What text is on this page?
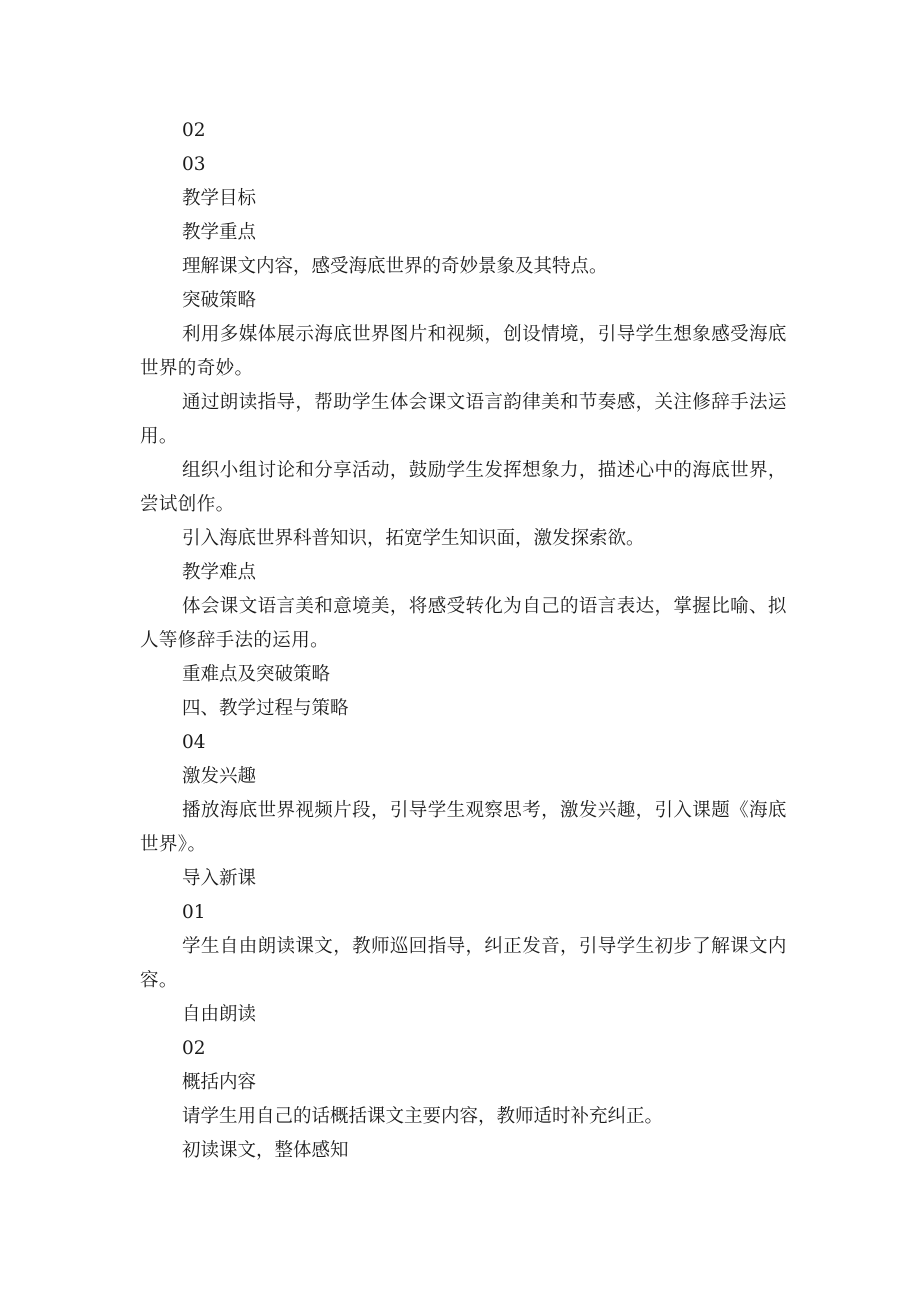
02

03

教学目标

教学重点

理解课文内容，感受海底世界的奇妙景象及其特点。

突破策略

利用多媒体展示海底世界图片和视频，创设情境，引导学生想象感受海底世界的奇妙。

通过朗读指导，帮助学生体会课文语言韵律美和节奏感，关注修辞手法运用。

组织小组讨论和分享活动，鼓励学生发挥想象力，描述心中的海底世界，尝试创作。

引入海底世界科普知识，拓宽学生知识面，激发探索欲。

教学难点

体会课文语言美和意境美，将感受转化为自己的语言表达，掌握比喻、拟人等修辞手法的运用。

重难点及突破策略

四、教学过程与策略

04

激发兴趣

播放海底世界视频片段，引导学生观察思考，激发兴趣，引入课题《海底世界》。

导入新课

01

学生自由朗读课文，教师巡回指导，纠正发音，引导学生初步了解课文内容。

自由朗读

02

概括内容

请学生用自己的话概括课文主要内容，教师适时补充纠正。

初读课文，整体感知
